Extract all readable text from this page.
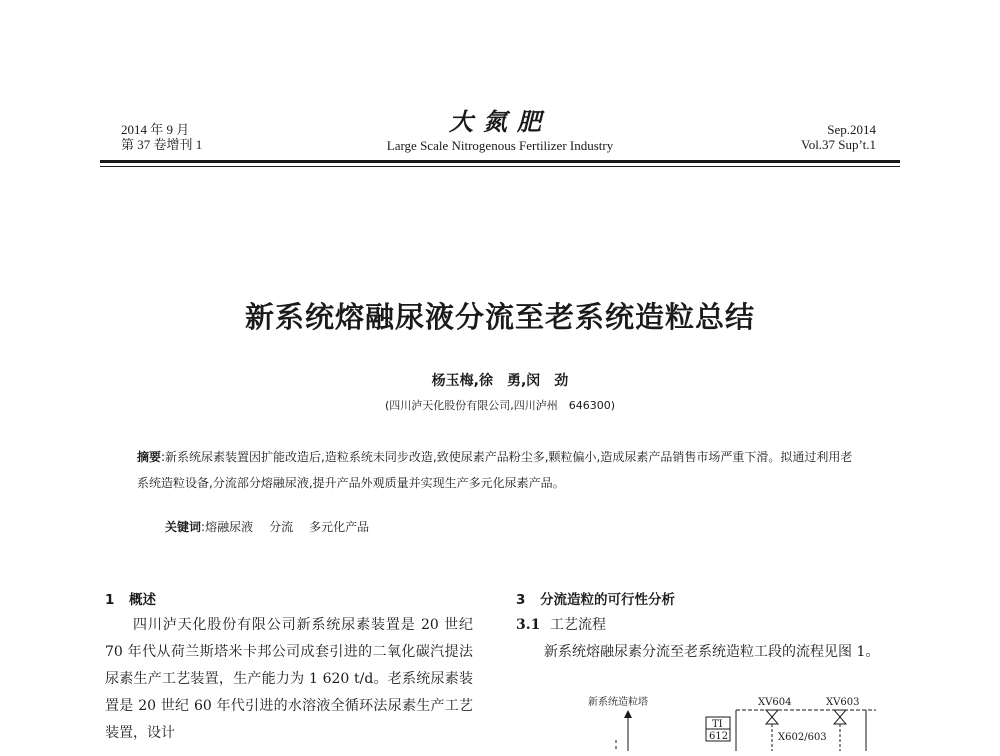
2014 年 9 月
第 37 卷增刊 1
大氮肥
Large Scale Nitrogenous Fertilizer Industry
Sep.2014
Vol.37 Sup’t.1
新系统熔融尿液分流至老系统造粒总结
杨玉梅,徐　勇,闵　劲
(四川泸天化股份有限公司,四川泸州　646300)
摘要:新系统尿素装置因扩能改造后,造粒系统未同步改造,致使尿素产品粉尘多,颗粒偏小,造成尿素产品销售市场严重下滑。拟通过利用老系统造粒设备,分流部分熔融尿液,提升产品外观质量并实现生产多元化尿素产品。
关键词:熔融尿液 分流 多元化产品
1 概述

四川泸天化股份有限公司新系统尿素装置是 20 世纪 70 年代从荷兰斯塔米卡邦公司成套引进的二氧化碳汽提法尿素生产工艺装置，生产能力为 1 620 t/d。老系统尿素装置是 20 世纪 60 年代引进的水溶液全循环法尿素生产工艺装置，设计

3 分流造粒的可行性分析
3.1 工艺流程

新系统熔融尿素分流至老系统造粒工段的流程见图 1。

新系统造粒塔	XV604	XV603
TI
612	X602/603
